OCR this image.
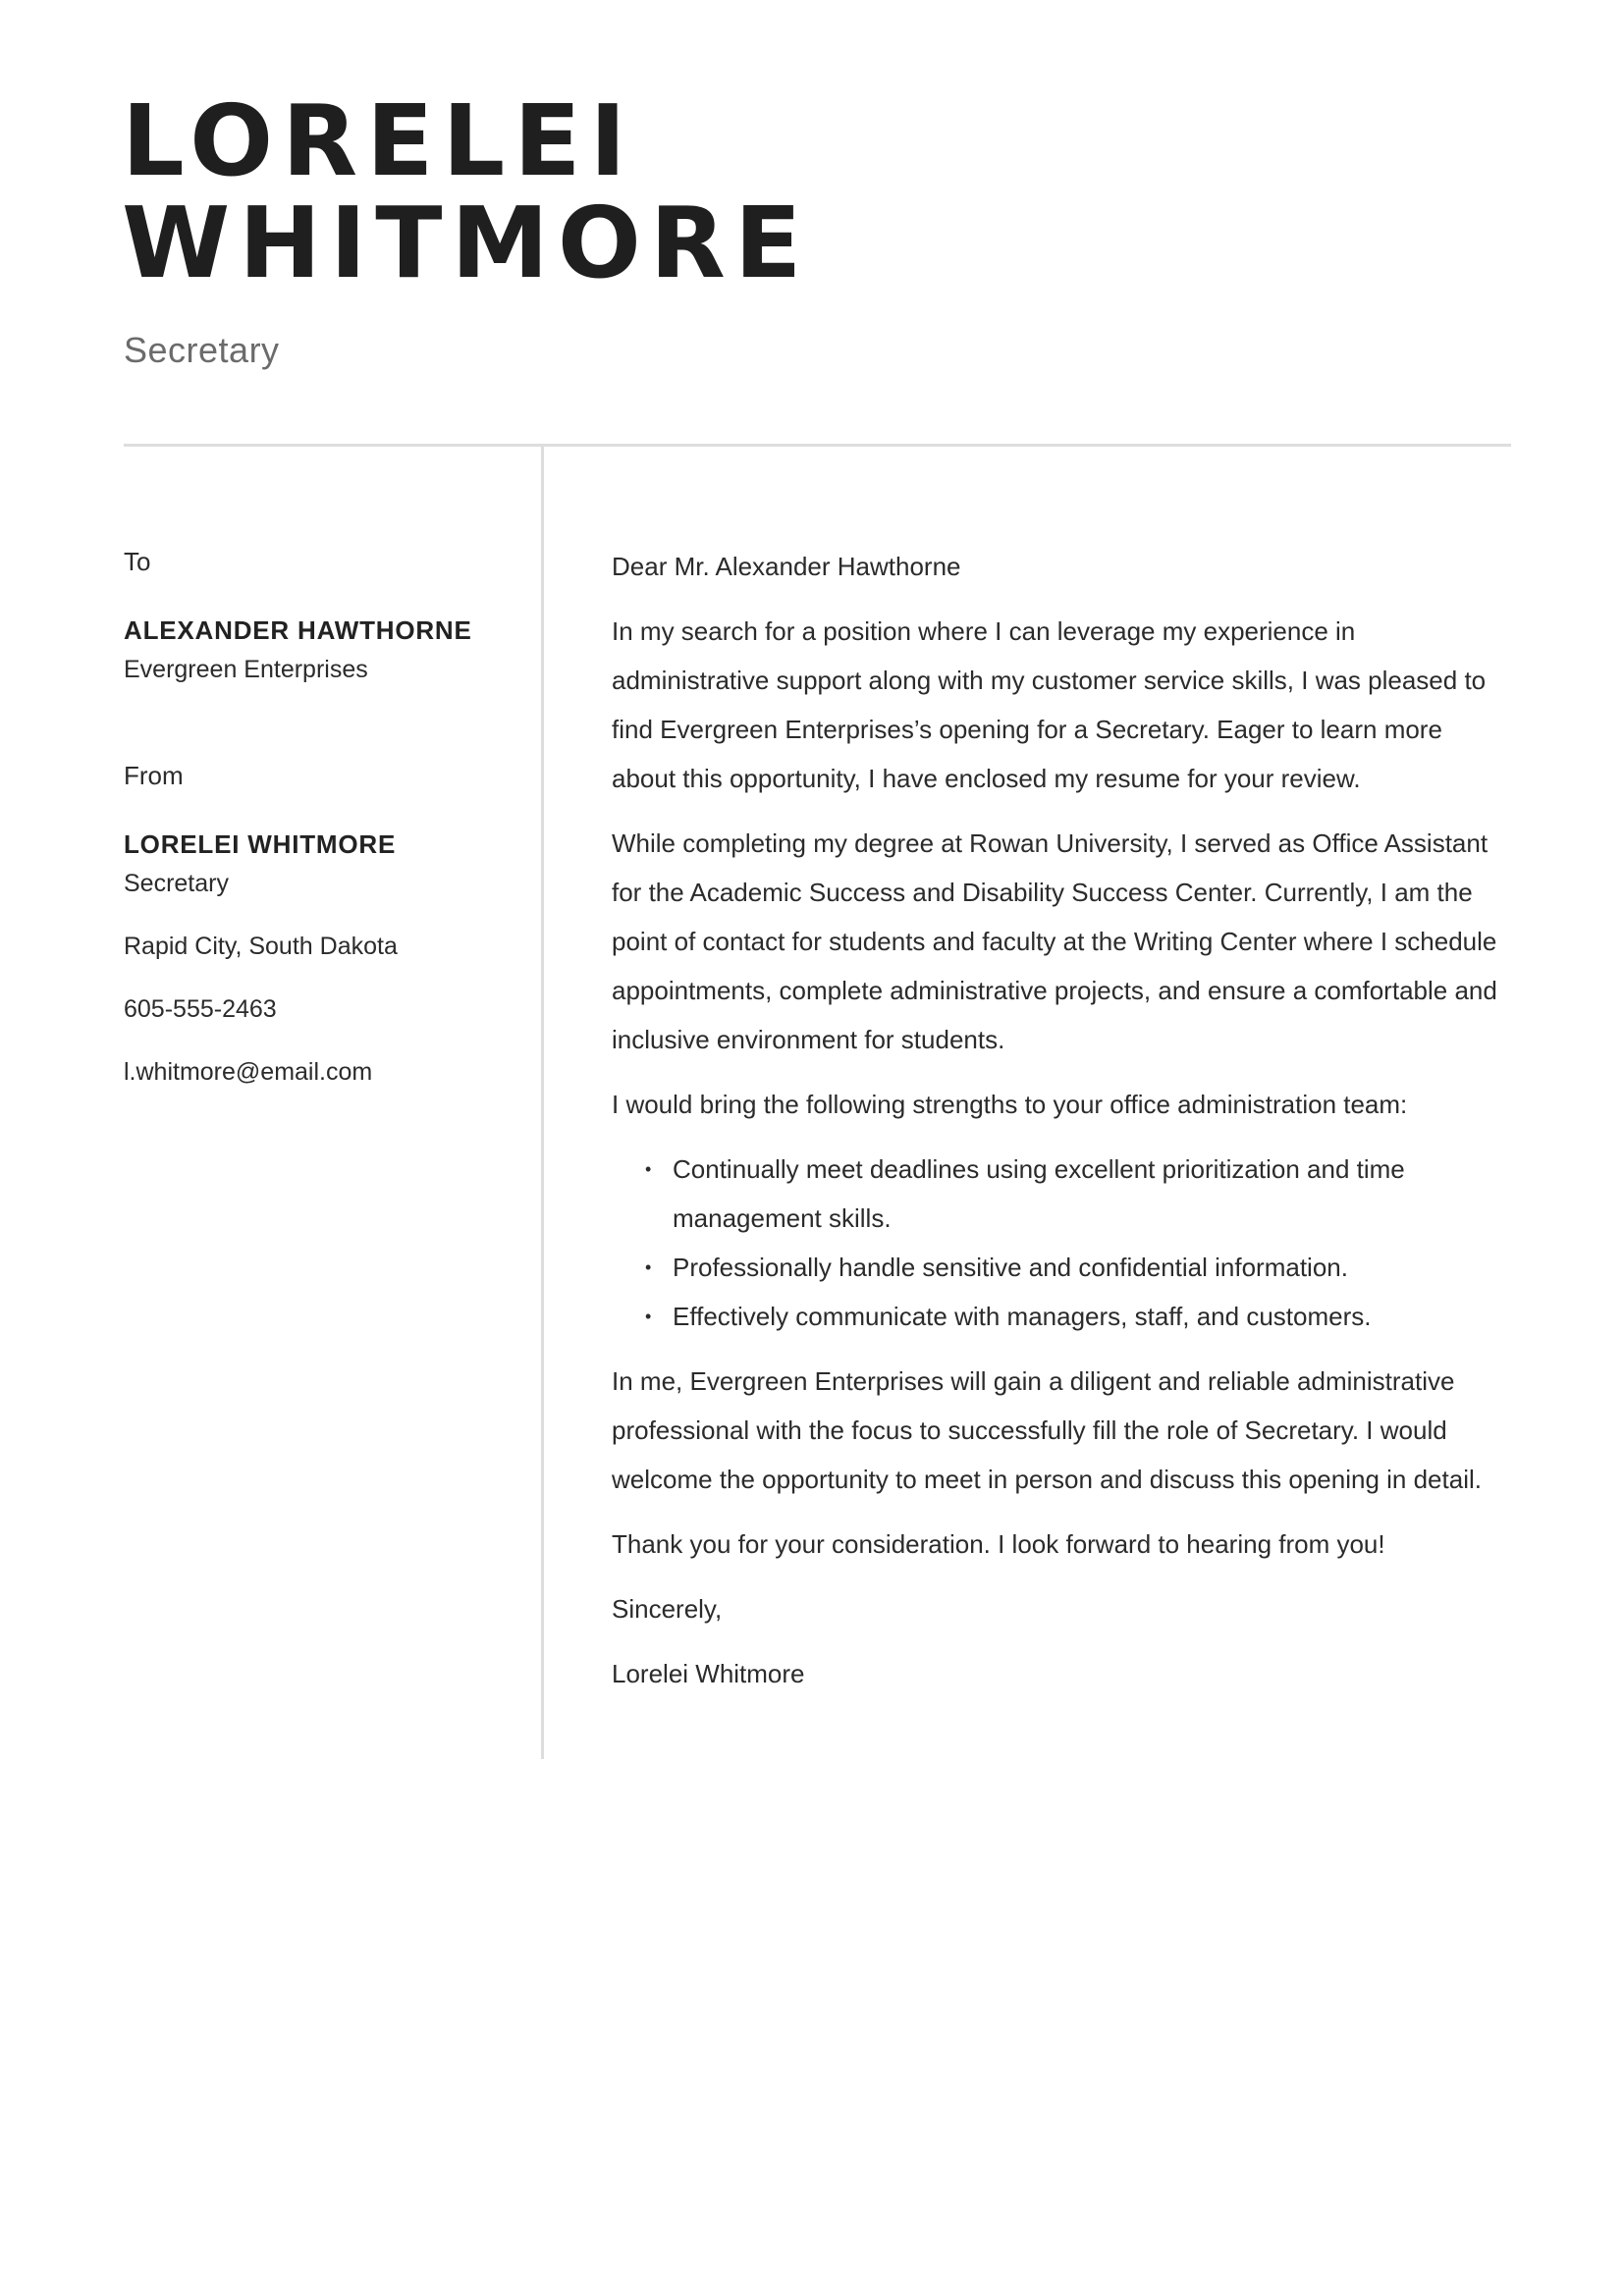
LORELEI
WHITMORE
Secretary
To
ALEXANDER HAWTHORNE
Evergreen Enterprises
From
LORELEI WHITMORE
Secretary
Rapid City, South Dakota
605-555-2463
l.whitmore@email.com

Dear Mr. Alexander Hawthorne

In my search for a position where I can leverage my experience in administrative support along with my customer service skills, I was pleased to find Evergreen Enterprises’s opening for a Secretary. Eager to learn more about this opportunity, I have enclosed my resume for your review.

While completing my degree at Rowan University, I served as Office Assistant for the Academic Success and Disability Success Center. Currently, I am the point of contact for students and faculty at the Writing Center where I schedule appointments, complete administrative projects, and ensure a comfortable and inclusive environment for students.

I would bring the following strengths to your office administration team:

• Continually meet deadlines using excellent prioritization and time management skills.
• Professionally handle sensitive and confidential information.
• Effectively communicate with managers, staff, and customers.

In me, Evergreen Enterprises will gain a diligent and reliable administrative professional with the focus to successfully fill the role of Secretary. I would welcome the opportunity to meet in person and discuss this opening in detail.

Thank you for your consideration. I look forward to hearing from you!

Sincerely,

Lorelei Whitmore
